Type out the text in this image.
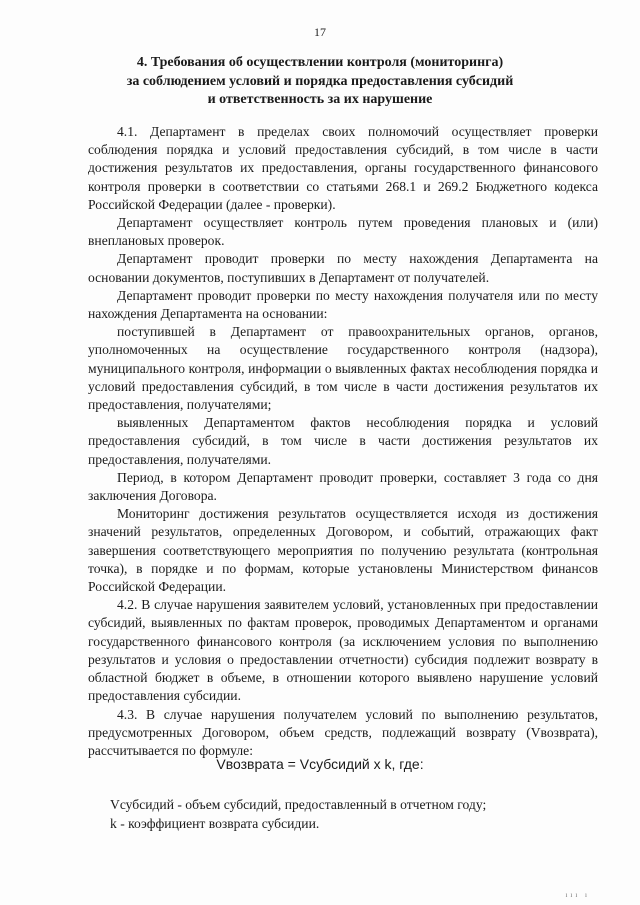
17
4. Требования об осуществлении контроля (мониторинга)
за соблюдением условий и порядка предоставления субсидий
и ответственность за их нарушение

4.1. Департамент в пределах своих полномочий осуществляет проверки соблюдения порядка и условий предоставления субсидий, в том числе в части достижения результатов их предоставления, органы государственного финансового контроля проверки в соответствии со статьями 268.1 и 269.2 Бюджетного кодекса Российской Федерации (далее - проверки).

Департамент осуществляет контроль путем проведения плановых и (или) внеплановых проверок.

Департамент проводит проверки по месту нахождения Департамента на основании документов, поступивших в Департамент от получателей.

Департамент проводит проверки по месту нахождения получателя или по месту нахождения Департамента на основании:

поступившей в Департамент от правоохранительных органов, органов, уполномоченных на осуществление государственного контроля (надзора), муниципального контроля, информации о выявленных фактах несоблюдения порядка и условий предоставления субсидий, в том числе в части достижения результатов их предоставления, получателями;

выявленных Департаментом фактов несоблюдения порядка и условий предоставления субсидий, в том числе в части достижения результатов их предоставления, получателями.

Период, в котором Департамент проводит проверки, составляет 3 года со дня заключения Договора.

Мониторинг достижения результатов осуществляется исходя из достижения значений результатов, определенных Договором, и событий, отражающих факт завершения соответствующего мероприятия по получению результата (контрольная точка), в порядке и по формам, которые установлены Министерством финансов Российской Федерации.

4.2. В случае нарушения заявителем условий, установленных при предоставлении субсидий, выявленных по фактам проверок, проводимых Департаментом и органами государственного финансового контроля (за исключением условия по выполнению результатов и условия о предоставлении отчетности) субсидия подлежит возврату в областной бюджет в объеме, в отношении которого выявлено нарушение условий предоставления субсидии.

4.3. В случае нарушения получателем условий по выполнению результатов, предусмотренных Договором, объем средств, подлежащий возврату (Vвозврата), рассчитывается по формуле:

Vвозврата = Vсубсидий x k, где:
Vсубсидий - объем субсидий, предоставленный в отчетном году;
k - коэффициент возврата субсидии.
ııı ı
